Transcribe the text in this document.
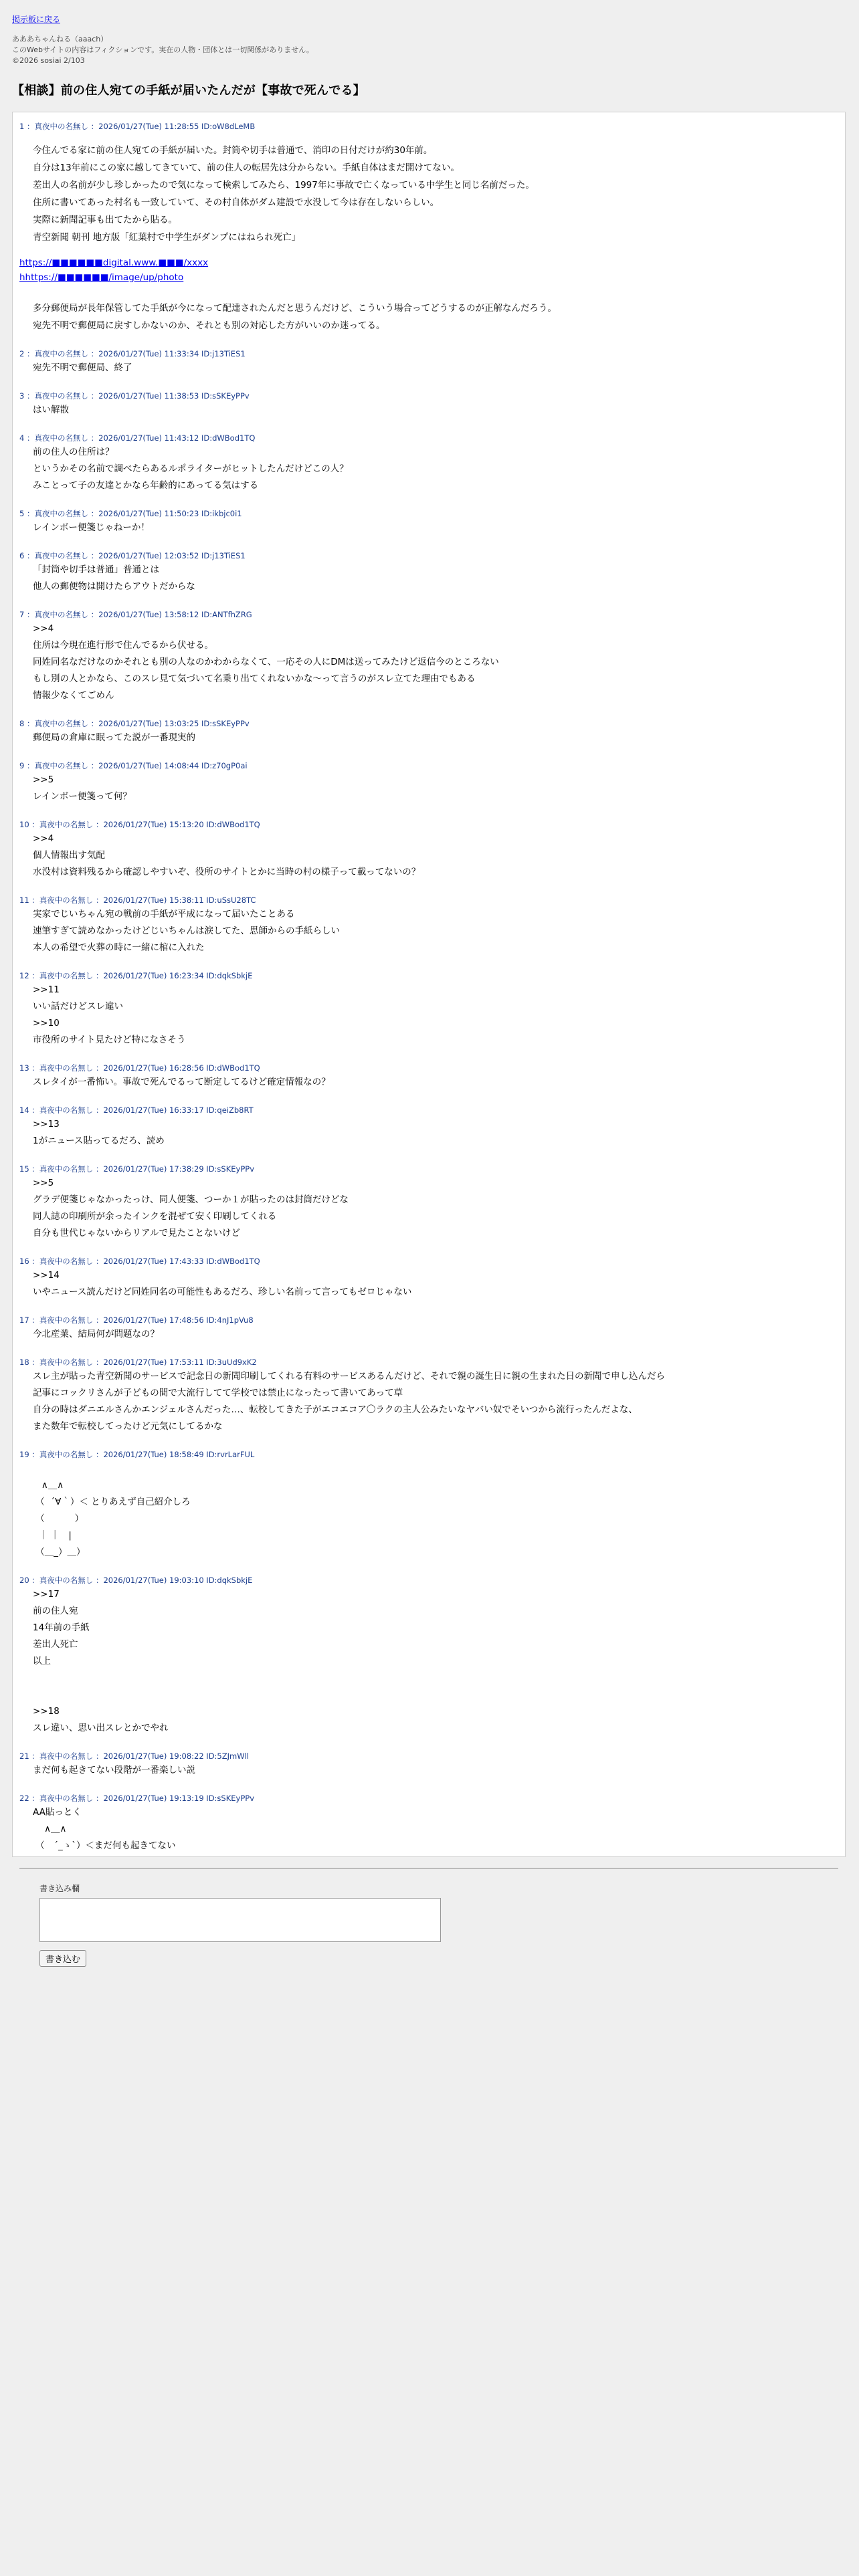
掲示板に戻る
あああちゃんねる（aaach）
このWebサイトの内容はフィクションです。実在の人物・団体とは一切関係がありません。
©2026 sosiai 2/103
【相談】前の住人宛ての手紙が届いたんだが【事故で死んでる】
1 ：真夜中の名無し ：2026/01/27(Tue) 11:28:55 ID:oW8dLeMB
今住んでる家に前の住人宛ての手紙が届いた。封筒や切手は普通で、消印の日付だけが約30年前。
自分は13年前にこの家に越してきていて、前の住人の転居先は分からない。手紙自体はまだ開けてない。
差出人の名前が少し珍しかったので気になって検索してみたら、1997年に事故で亡くなっている中学生と同じ名前だった。
住所に書いてあった村名も一致していて、その村自体がダム建設で水没して今は存在しないらしい。
実際に新聞記事も出てたから貼る。
青空新聞 朝刊 地方版「紅葉村で中学生がダンプにはねられ死亡」
https://■■■■■■digital.www.■■■/xxxx
hhttps://■■■■■■/image/up/photo
多分郵便局が長年保管してた手紙が今になって配達されたんだと思うんだけど、こういう場合ってどうするのが正解なんだろう。
宛先不明で郵便局に戻すしかないのか、それとも別の対応した方がいいのか迷ってる。
2 ：真夜中の名無し ：2026/01/27(Tue) 11:33:34 ID:j13TiES1
宛先不明で郵便局、終了
3 ：真夜中の名無し ：2026/01/27(Tue) 11:38:53 ID:sSKEyPPv
はい解散
4 ：真夜中の名無し ：2026/01/27(Tue) 11:43:12 ID:dWBod1TQ
前の住人の住所は？
というかその名前で調べたらあるルポライターがヒットしたんだけどこの人？
みことって子の友達とかなら年齢的にあってる気はする
5 ：真夜中の名無し ：2026/01/27(Tue) 11:50:23 ID:ikbjc0i1
レインボー便箋じゃねーか！
6 ：真夜中の名無し ：2026/01/27(Tue) 12:03:52 ID:j13TiES1
「封筒や切手は普通」普通とは
他人の郵便物は開けたらアウトだからな
7 ：真夜中の名無し ：2026/01/27(Tue) 13:58:12 ID:ANTfhZRG
>>4
住所は今現在進行形で住んでるから伏せる。
同姓同名なだけなのかそれとも別の人なのかわからなくて、一応その人にDMは送ってみたけど返信今のところない
もし別の人とかなら、このスレ見て気づいて名乗り出てくれないかな〜って言うのがスレ立てた理由でもある
情報少なくてごめん
8 ：真夜中の名無し ：2026/01/27(Tue) 13:03:25 ID:sSKEyPPv
郵便局の倉庫に眠ってた説が一番現実的
9 ：真夜中の名無し ：2026/01/27(Tue) 14:08:44 ID:z70gP0ai
>>5
レインボー便箋って何？
10 ：真夜中の名無し ：2026/01/27(Tue) 15:13:20 ID:dWBod1TQ
>>4
個人情報出す気配
水没村は資料残るから確認しやすいぞ、役所のサイトとかに当時の村の様子って載ってないの？
11 ：真夜中の名無し ：2026/01/27(Tue) 15:38:11 ID:uSsU28TC
実家でじいちゃん宛の戦前の手紙が平成になって届いたことある
速筆すぎて読めなかったけどじいちゃんは涙してた、思師からの手紙らしい
本人の希望で火葬の時に一緒に棺に入れた
12 ：真夜中の名無し ：2026/01/27(Tue) 16:23:34 ID:dqkSbkjE
>>11
いい話だけどスレ違い
>>10
市役所のサイト見たけど特になさそう
13 ：真夜中の名無し ：2026/01/27(Tue) 16:28:56 ID:dWBod1TQ
スレタイが一番怖い。事故で死んでるって断定してるけど確定情報なの？
14 ：真夜中の名無し ：2026/01/27(Tue) 16:33:17 ID:qeiZb8RT
>>13
1がニュース貼ってるだろ、読め
15 ：真夜中の名無し ：2026/01/27(Tue) 17:38:29 ID:sSKEyPPv
>>5
グラデ便箋じゃなかったっけ、同人便箋、つーか１が貼ったのは封筒だけどな
同人誌の印刷所が余ったインクを混ぜて安く印刷してくれる
自分も世代じゃないからリアルで見たことないけど
16 ：真夜中の名無し ：2026/01/27(Tue) 17:43:33 ID:dWBod1TQ
>>14
いやニュース読んだけど同姓同名の可能性もあるだろ、珍しい名前って言ってもゼロじゃない
17 ：真夜中の名無し ：2026/01/27(Tue) 17:48:56 ID:4nJ1pVu8
今北産業、結局何が問題なの？
18 ：真夜中の名無し ：2026/01/27(Tue) 17:53:11 ID:3uUd9xK2
スレ主が貼った青空新聞のサービスで記念日の新聞印刷してくれる有料のサービスあるんだけど、それで親の誕生日に親の生まれた日の新聞で申し込んだら
記事にコックリさんが子どもの間で大流行してて学校では禁止になったって書いてあって草
自分の時はダニエルさんかエンジェルさんだった…、転校してきた子がエコエコア〇ラクの主人公みたいなヤバい奴でそいつから流行ったんだよな、
また数年で転校してったけど元気にしてるかな
19 ：真夜中の名無し ：2026/01/27(Tue) 18:58:49 ID:rvrLarFUL

∧＿∧
（  ´∀｀）＜ とりあえず自己紹介しろ
（　　　 ）
｜ ｜　|
（＿_）＿）
20 ：真夜中の名無し ：2026/01/27(Tue) 19:03:10 ID:dqkSbkjE
>>17
前の住人宛
14年前の手紙
差出人死亡
以上

>>18
スレ違い、思い出スレとかでやれ
21 ：真夜中の名無し ：2026/01/27(Tue) 19:08:22 ID:5ZJmWll
まだ何も起きてない段階が一番楽しい説
22 ：真夜中の名無し ：2026/01/27(Tue) 19:13:19 ID:sSKEyPPv
AA貼っとく
∧＿∧
（　´_ゝ`）＜まだ何も起きてない
書き込み欄
書き込む
